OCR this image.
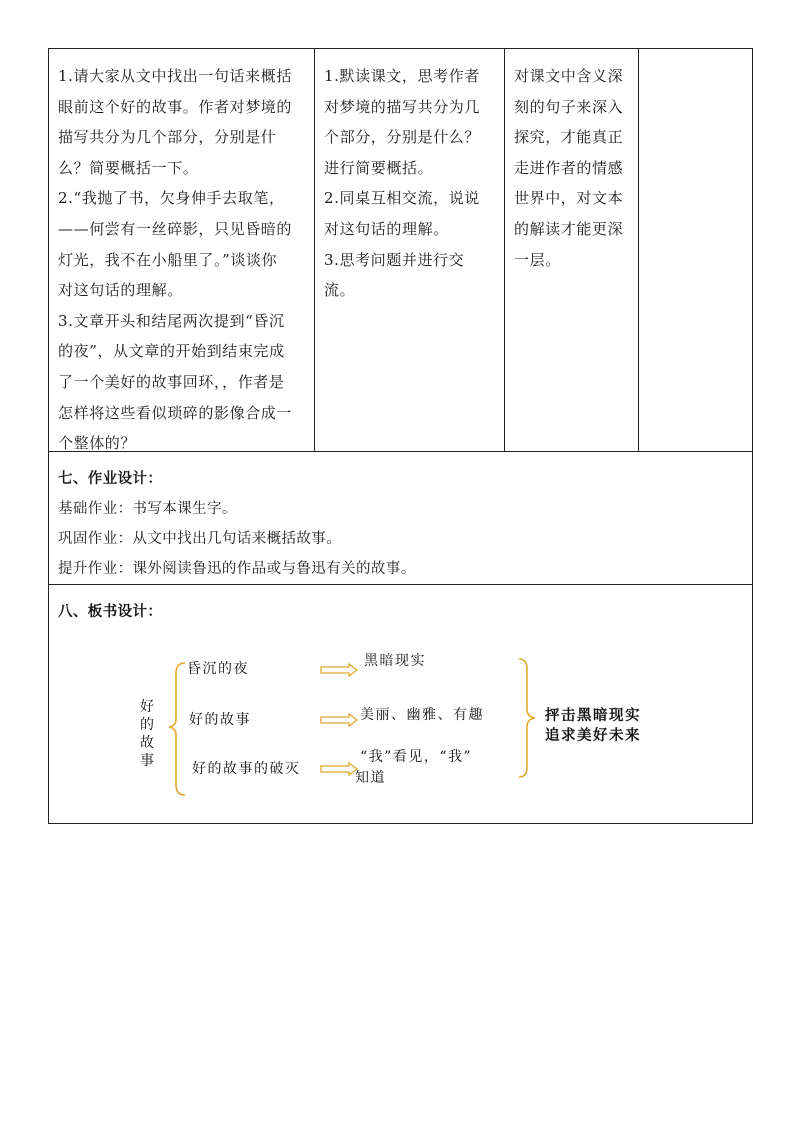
1.请大家从文中找出一句话来概括

眼前这个好的故事。作者对梦境的

描写共分为几个部分，分别是什

么？简要概括一下。

2.“我抛了书，欠身伸手去取笔，

——何尝有一丝碎影，只见昏暗的

灯光，我不在小船里了。”谈谈你

对这句话的理解。

3.文章开头和结尾两次提到“昏沉

的夜”，从文章的开始到结束完成

了一个美好的故事回环，，作者是

怎样将这些看似琐碎的影像合成一

个整体的？

1.默读课文，思考作者

对梦境的描写共分为几

个部分，分别是什么？

进行简要概括。

2.同桌互相交流，说说

对这句话的理解。

3.思考问题并进行交

流。

对课文中含义深

刻的句子来深入

探究，才能真正

走进作者的情感

世界中，对文本

的解读才能更深

一层。

七、作业设计：

基础作业：书写本课生字。

巩固作业：从文中找出几句话来概括故事。

提升作业：课外阅读鲁迅的作品或与鲁迅有关的故事。

八、板书设计：
好
的
故
事
昏沉的夜
好的故事
好的故事的破灭
黑暗现实
美丽、幽雅、有趣
“我”看见，“我”
知道
抨击黑暗现实
追求美好未来
